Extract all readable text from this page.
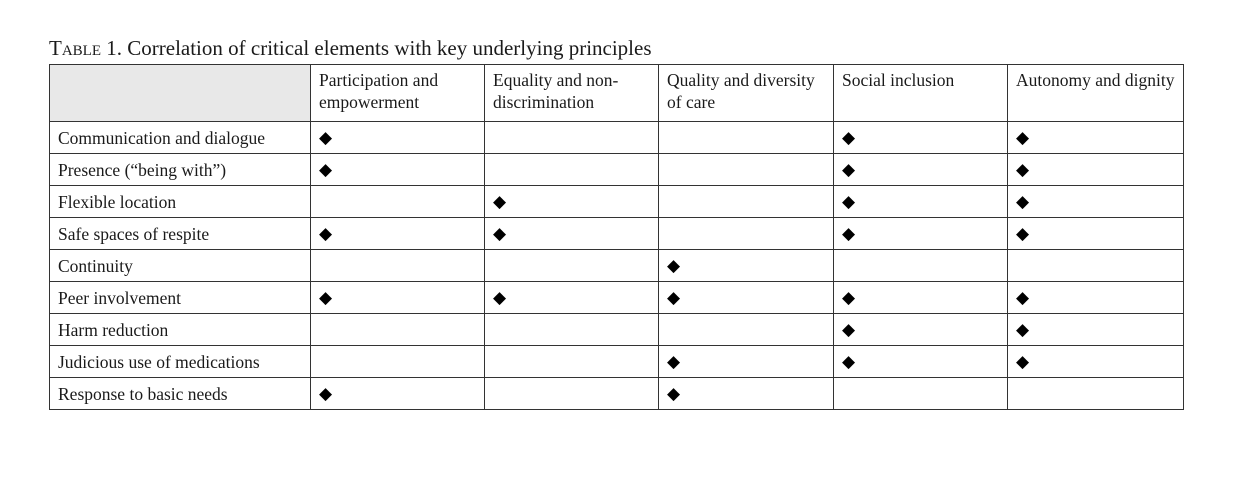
Table 1. Correlation of critical elements with key underlying principles
	Participation and empowerment	Equality and non-discrimination	Quality and diversity of care	Social inclusion	Autonomy and dignity
Communication and dialogue	◆			◆	◆
Presence (“being with”)	◆			◆	◆
Flexible location		◆		◆	◆
Safe spaces of respite	◆	◆		◆	◆
Continuity			◆		
Peer involvement	◆	◆	◆	◆	◆
Harm reduction				◆	◆
Judicious use of medications			◆	◆	◆
Response to basic needs	◆		◆		
